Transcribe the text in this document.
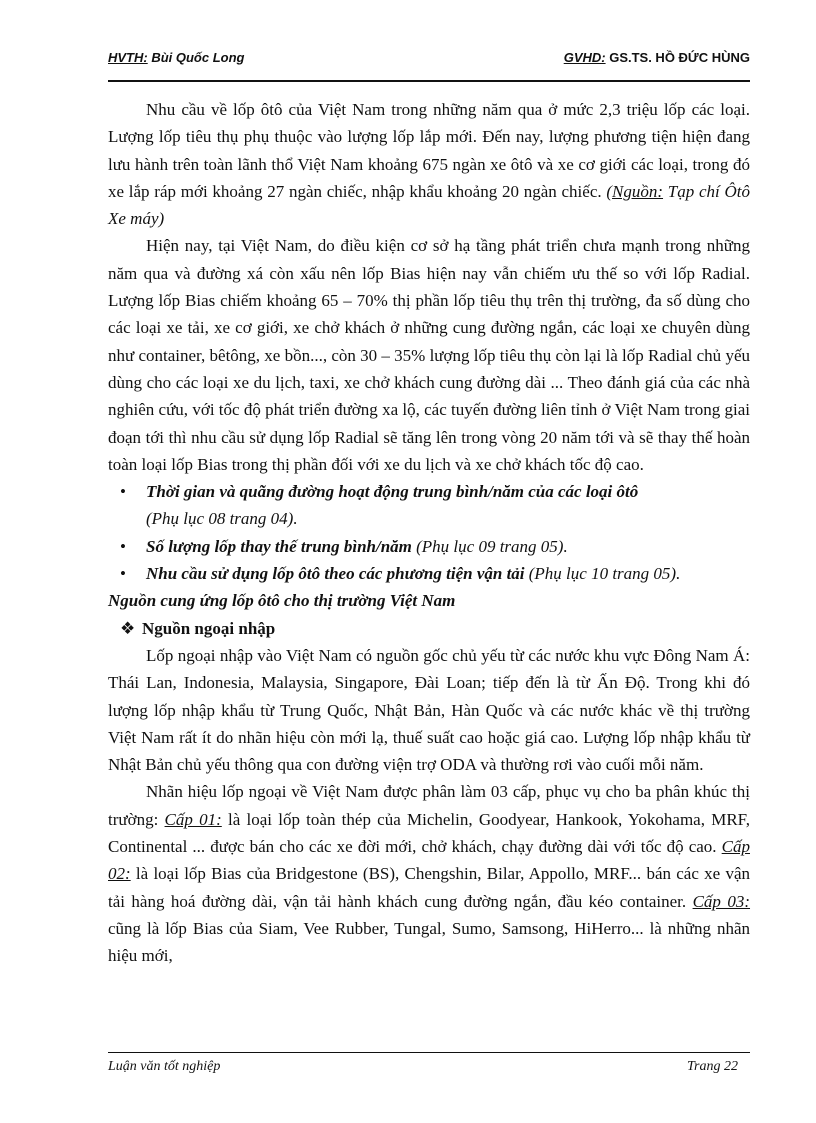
HVTH: Bùi Quốc Long	GVHD: GS.TS. HỒ ĐỨC HÙNG

Nhu cầu về lốp ôtô của Việt Nam trong những năm qua ở mức 2,3 triệu lốp các loại. Lượng lốp tiêu thụ phụ thuộc vào lượng lốp lắp mới. Đến nay, lượng phương tiện hiện đang lưu hành trên toàn lãnh thổ Việt Nam khoảng 675 ngàn xe ôtô và xe cơ giới các loại, trong đó xe lắp ráp mới khoảng 27 ngàn chiếc, nhập khẩu khoảng 20 ngàn chiếc. (Nguồn: Tạp chí Ôtô Xe máy)

Hiện nay, tại Việt Nam, do điều kiện cơ sở hạ tầng phát triển chưa mạnh trong những năm qua và đường xá còn xấu nên lốp Bias hiện nay vẫn chiếm ưu thế so với lốp Radial. Lượng lốp Bias chiếm khoảng 65 – 70% thị phần lốp tiêu thụ trên thị trường, đa số dùng cho các loại xe tải, xe cơ giới, xe chở khách ở những cung đường ngắn, các loại xe chuyên dùng như container, bêtông, xe bồn..., còn 30 – 35% lượng lốp tiêu thụ còn lại là lốp Radial chủ yếu dùng cho các loại xe du lịch, taxi, xe chở khách cung đường dài ... Theo đánh giá của các nhà nghiên cứu, với tốc độ phát triển đường xa lộ, các tuyến đường liên tỉnh ở Việt Nam trong giai đoạn tới thì nhu cầu sử dụng lốp Radial sẽ tăng lên trong vòng 20 năm tới và sẽ thay thế hoàn toàn loại lốp Bias trong thị phần đối với xe du lịch và xe chở khách tốc độ cao.

• Thời gian và quãng đường hoạt động trung bình/năm của các loại ôtô
(Phụ lục 08 trang 04).
• Số lượng lốp thay thế trung bình/năm (Phụ lục 09 trang 05).
• Nhu cầu sử dụng lốp ôtô theo các phương tiện vận tải (Phụ lục 10 trang 05).
Nguồn cung ứng lốp ôtô cho thị trường Việt Nam
❖ Nguồn ngoại nhập

Lốp ngoại nhập vào Việt Nam có nguồn gốc chủ yếu từ các nước khu vực Đông Nam Á: Thái Lan, Indonesia, Malaysia, Singapore, Đài Loan; tiếp đến là từ Ấn Độ. Trong khi đó lượng lốp nhập khẩu từ Trung Quốc, Nhật Bản, Hàn Quốc và các nước khác về thị trường Việt Nam rất ít do nhãn hiệu còn mới lạ, thuế suất cao hoặc giá cao. Lượng lốp nhập khẩu từ Nhật Bản chủ yếu thông qua con đường viện trợ ODA và thường rơi vào cuối mỗi năm.

Nhãn hiệu lốp ngoại về Việt Nam được phân làm 03 cấp, phục vụ cho ba phân khúc thị trường: Cấp 01: là loại lốp toàn thép của Michelin, Goodyear, Hankook, Yokohama, MRF, Continental ... được bán cho các xe đời mới, chở khách, chạy đường dài với tốc độ cao. Cấp 02: là loại lốp Bias của Bridgestone (BS), Chengshin, Bilar, Appollo, MRF... bán các xe vận tải hàng hoá đường dài, vận tải hành khách cung đường ngắn, đầu kéo container. Cấp 03: cũng là lốp Bias của Siam, Vee Rubber, Tungal, Sumo, Samsong, HiHerro... là những nhãn hiệu mới,

Luận văn tốt nghiệp	Trang 22
